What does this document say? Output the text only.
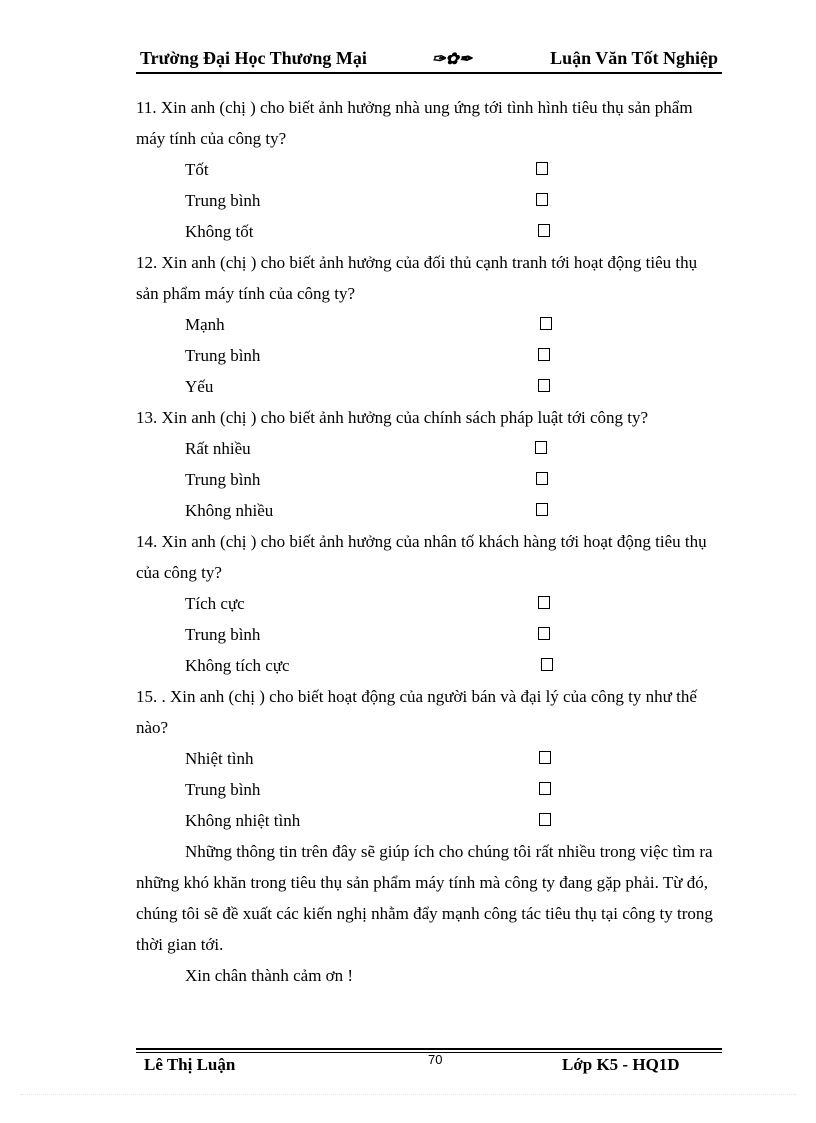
Trường Đại Học Thương Mại	✑✿✒	Luận Văn Tốt Nghiệp

11. Xin anh (chị ) cho biết ảnh hưởng nhà ung ứng tới tình hình tiêu thụ sản phẩm máy tính của công ty?

Tốt
Trung bình
Không tốt

12. Xin anh (chị ) cho biết ảnh hưởng của đối thủ cạnh tranh tới hoạt động tiêu thụ sản phẩm máy tính của công ty?

Mạnh
Trung bình
Yếu

13. Xin anh (chị ) cho biết ảnh hưởng của chính sách pháp luật tới công ty?

Rất nhiều
Trung bình
Không nhiều

14. Xin anh (chị ) cho biết ảnh hưởng của nhân tố khách hàng tới hoạt động tiêu thụ của công ty?

Tích cực
Trung bình
Không tích cực

15. . Xin anh (chị ) cho biết hoạt động của người bán và đại lý của công ty như thế nào?

Nhiệt tình
Trung bình
Không nhiệt tình

Những thông tin trên đây sẽ giúp ích cho chúng tôi rất nhiều trong việc tìm ra những khó khăn trong tiêu thụ sản phẩm máy tính mà công ty đang gặp phải. Từ đó, chúng tôi sẽ đề xuất các kiến nghị nhằm đẩy mạnh công tác tiêu thụ tại công ty trong thời gian tới.

Xin chân thành cảm ơn !

Lê Thị Luận	70	Lớp K5 - HQ1D
